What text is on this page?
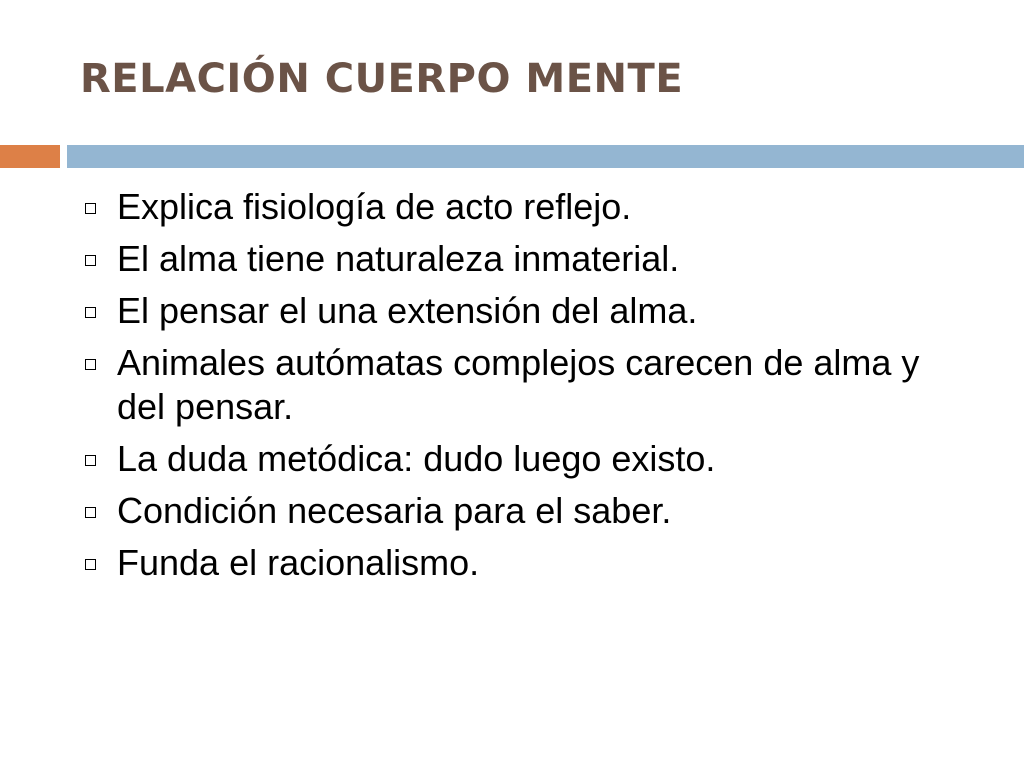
RELACIÓN CUERPO MENTE
Explica fisiología de acto reflejo.
El alma tiene naturaleza inmaterial.
El pensar el una extensión del alma.
Animales autómatas complejos carecen de alma y del pensar.
La duda metódica: dudo luego existo.
Condición necesaria para el saber.
Funda el racionalismo.
